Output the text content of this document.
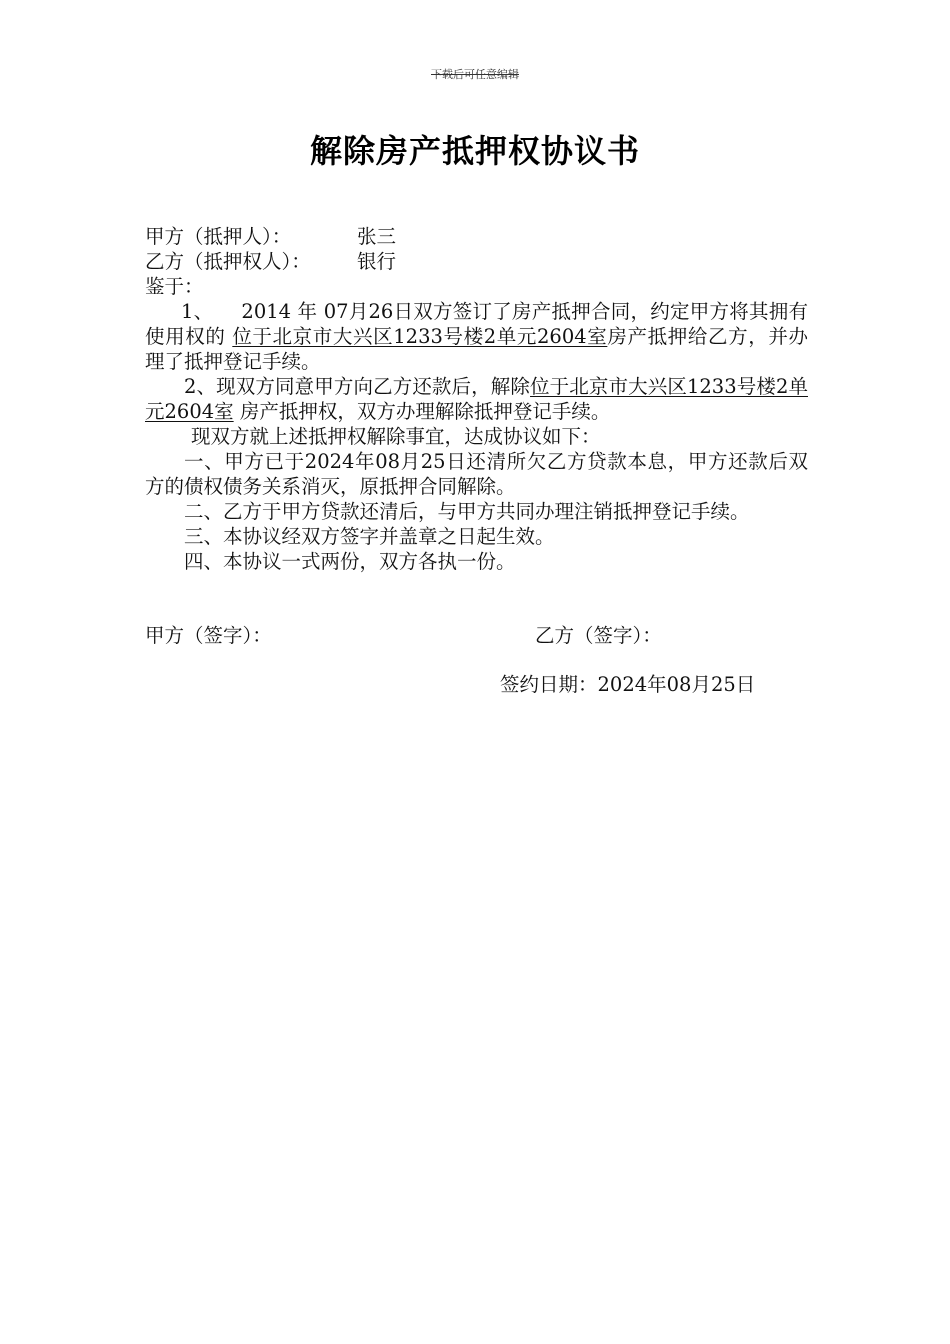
下载后可任意编辑
解除房产抵押权协议书
甲方（抵押人）：	张三
乙方（抵押权人）： 银行
鉴于：
1、 2014 年 07月26日双方签订了房产抵押合同，约定甲方将其拥有使用权的 位于北京市大兴区1233号楼2单元2604室房产抵押给乙方，并办理了抵押登记手续。
2、现双方同意甲方向乙方还款后，解除位于北京市大兴区1233号楼2单元2604室 房产抵押权，双方办理解除抵押登记手续。
现双方就上述抵押权解除事宜，达成协议如下：
一、甲方已于2024年08月25日还清所欠乙方贷款本息，甲方还款后双方的债权债务关系消灭，原抵押合同解除。
二、乙方于甲方贷款还清后，与甲方共同办理注销抵押登记手续。
三、本协议经双方签字并盖章之日起生效。
四、本协议一式两份，双方各执一份。
甲方（签字）：	乙方（签字）：
签约日期：2024年08月25日
